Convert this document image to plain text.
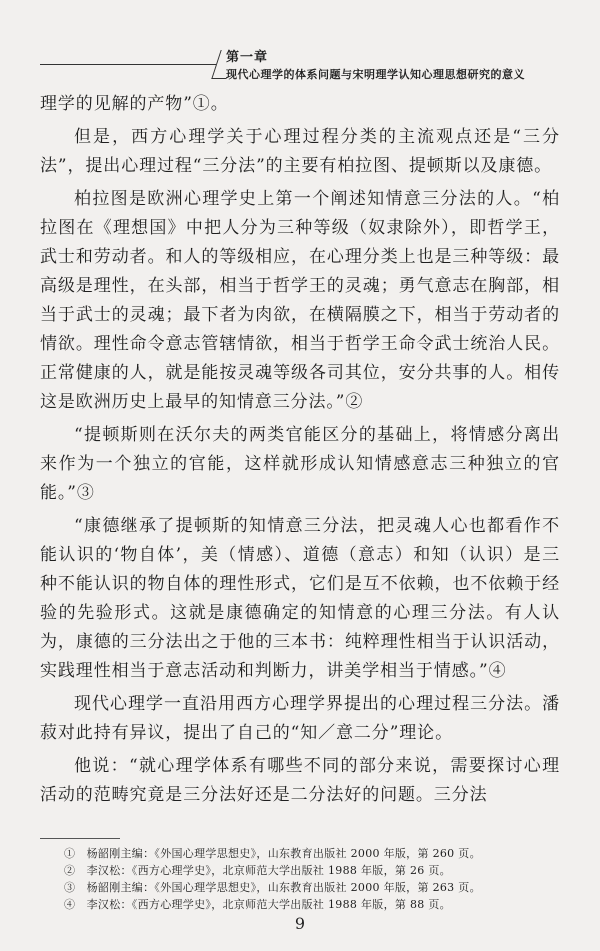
第一章
现代心理学的体系问题与宋明理学认知心理思想研究的意义

理学的见解的产物”①。

但是，西方心理学关于心理过程分类的主流观点还是“三分法”，提出心理过程“三分法”的主要有柏拉图、提顿斯以及康德。

柏拉图是欧洲心理学史上第一个阐述知情意三分法的人。“柏拉图在《理想国》中把人分为三种等级（奴隶除外），即哲学王，武士和劳动者。和人的等级相应，在心理分类上也是三种等级：最高级是理性，在头部，相当于哲学王的灵魂；勇气意志在胸部，相当于武士的灵魂；最下者为肉欲，在横隔膜之下，相当于劳动者的情欲。理性命令意志管辖情欲，相当于哲学王命令武士统治人民。正常健康的人，就是能按灵魂等级各司其位，安分共事的人。相传这是欧洲历史上最早的知情意三分法。”②

“提顿斯则在沃尔夫的两类官能区分的基础上，将情感分离出来作为一个独立的官能，这样就形成认知情感意志三种独立的官能。”③

“康德继承了提顿斯的知情意三分法，把灵魂人心也都看作不能认识的‘物自体’，美（情感）、道德（意志）和知（认识）是三种不能认识的物自体的理性形式，它们是互不依赖，也不依赖于经验的先验形式。这就是康德确定的知情意的心理三分法。有人认为，康德的三分法出之于他的三本书：纯粹理性相当于认识活动，实践理性相当于意志活动和判断力，讲美学相当于情感。”④

现代心理学一直沿用西方心理学界提出的心理过程三分法。潘菽对此持有异议，提出了自己的“知／意二分”理论。

他说：“就心理学体系有哪些不同的部分来说，需要探讨心理活动的范畴究竟是三分法好还是二分法好的问题。三分法

①　杨韶刚主编：《外国心理学思想史》，山东教育出版社 2000 年版，第 260 页。
②　李汉松：《西方心理学史》，北京师范大学出版社 1988 年版，第 26 页。
③　杨韶刚主编：《外国心理学思想史》，山东教育出版社 2000 年版，第 263 页。
④　李汉松：《西方心理学史》，北京师范大学出版社 1988 年版，第 88 页。
9
